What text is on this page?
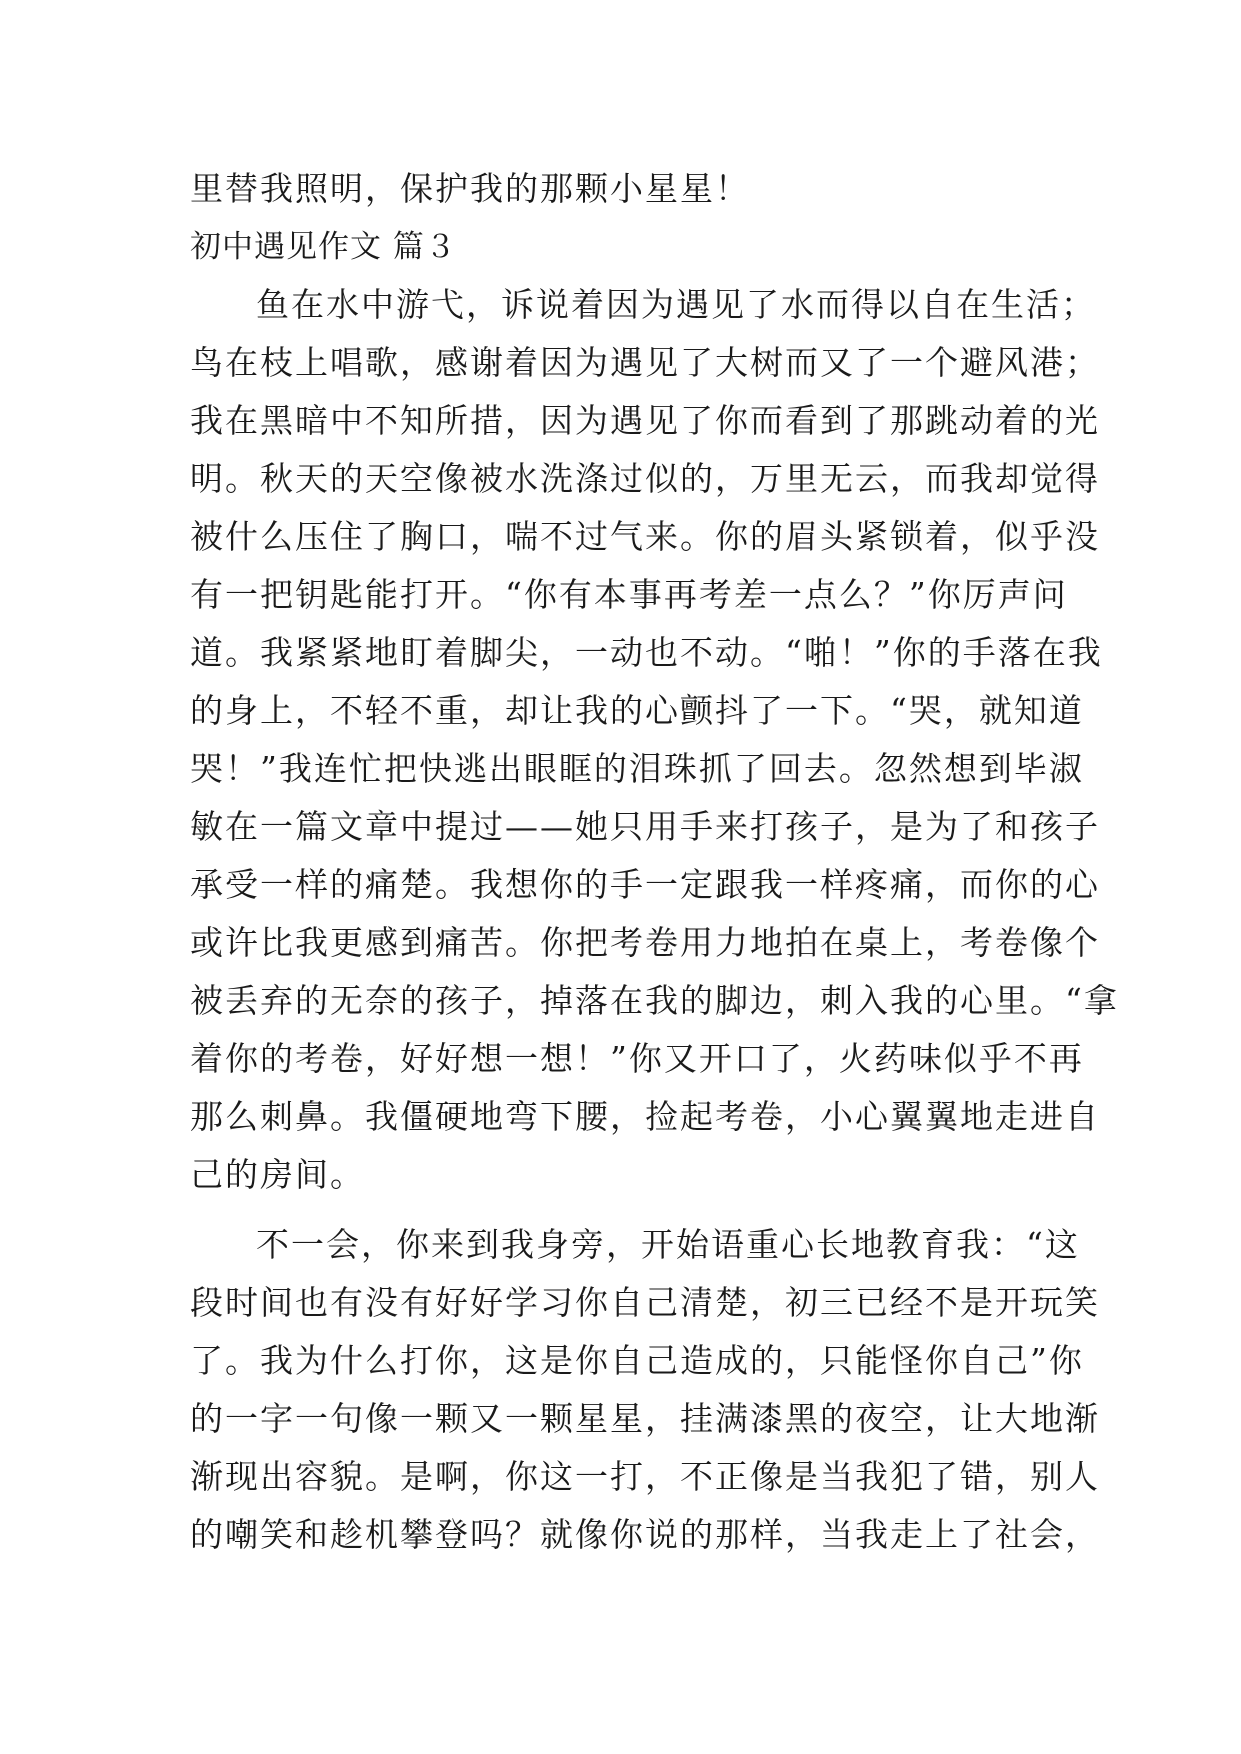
里替我照明，保护我的那颗小星星！

初中遇见作文 篇３

鱼在水中游弋，诉说着因为遇见了水而得以自在生活；

鸟在枝上唱歌，感谢着因为遇见了大树而又了一个避风港；

我在黑暗中不知所措，因为遇见了你而看到了那跳动着的光

明。秋天的天空像被水洗涤过似的，万里无云，而我却觉得

被什么压住了胸口，喘不过气来。你的眉头紧锁着，似乎没

有一把钥匙能打开。“你有本事再考差一点么？”你厉声问

道。我紧紧地盯着脚尖，一动也不动。“啪！”你的手落在我

的身上，不轻不重，却让我的心颤抖了一下。“哭，就知道

哭！”我连忙把快逃出眼眶的泪珠抓了回去。忽然想到毕淑

敏在一篇文章中提过——她只用手来打孩子，是为了和孩子

承受一样的痛楚。我想你的手一定跟我一样疼痛，而你的心

或许比我更感到痛苦。你把考卷用力地拍在桌上，考卷像个

被丢弃的无奈的孩子，掉落在我的脚边，刺入我的心里。“拿

着你的考卷，好好想一想！”你又开口了，火药味似乎不再

那么刺鼻。我僵硬地弯下腰，捡起考卷，小心翼翼地走进自

己的房间。

不一会，你来到我身旁，开始语重心长地教育我：“这

段时间也有没有好好学习你自己清楚，初三已经不是开玩笑

了。我为什么打你，这是你自己造成的，只能怪你自己”你

的一字一句像一颗又一颗星星，挂满漆黑的夜空，让大地渐

渐现出容貌。是啊，你这一打，不正像是当我犯了错，别人

的嘲笑和趁机攀登吗？就像你说的那样，当我走上了社会，
